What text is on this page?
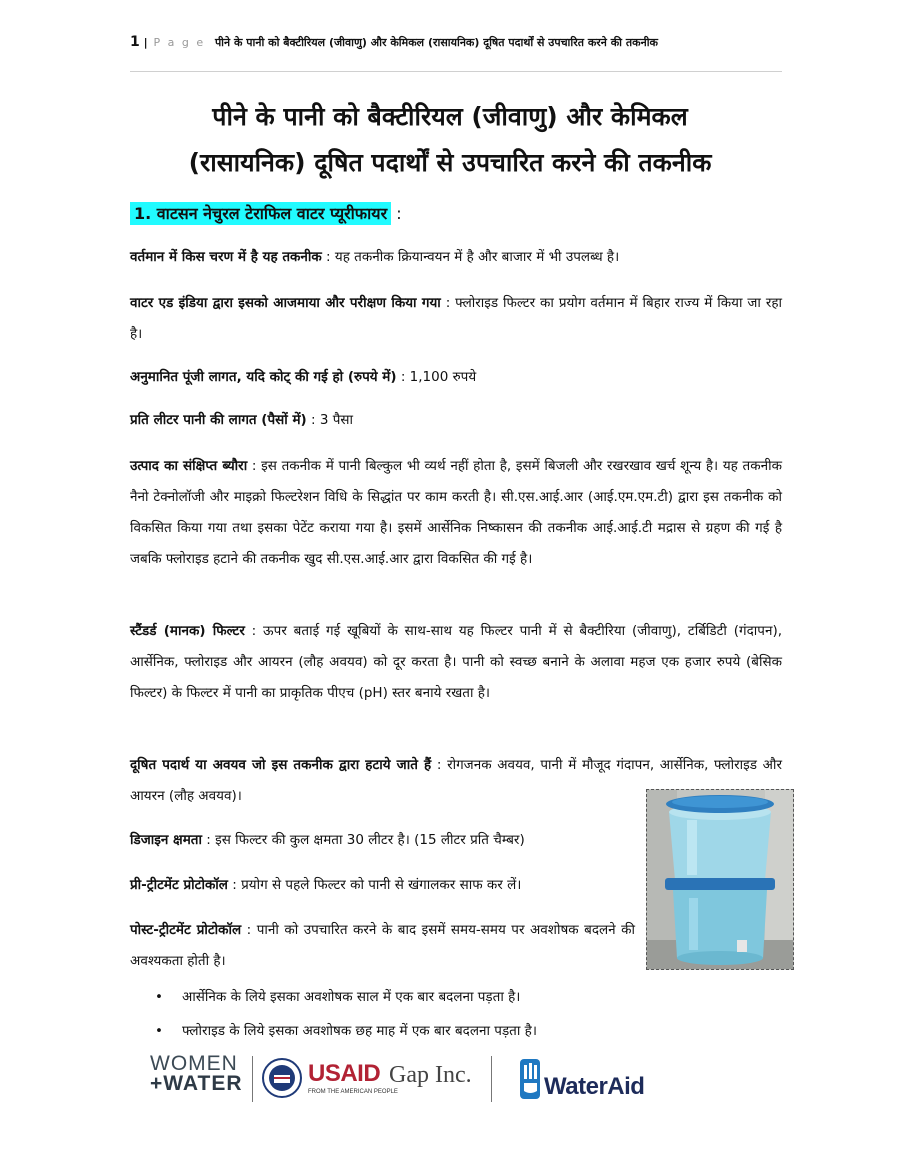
1 | P a g e पीने के पानी को बैक्टीरियल (जीवाणु) और केमिकल (रासायनिक) दूषित पदार्थों से उपचारित करने की तकनीक
पीने के पानी को बैक्टीरियल (जीवाणु) और केमिकल
(रासायनिक) दूषित पदार्थों से उपचारित करने की तकनीक
1. वाटसन नेचुरल टेराफिल वाटर प्यूरीफायर :
वर्तमान में किस चरण में है यह तकनीक : यह तकनीक क्रियान्वयन में है और बाजार में भी उपलब्ध है।
वाटर एड इंडिया द्वारा इसको आजमाया और परीक्षण किया गया : फ्लोराइड फिल्टर का प्रयोग वर्तमान में बिहार राज्य में किया जा रहा है।
अनुमानित पूंजी लागत, यदि कोट् की गई हो (रुपये में) : 1,100 रुपये
प्रति लीटर पानी की लागत (पैसों में) : 3 पैसा
उत्पाद का संक्षिप्त ब्यौरा : इस तकनीक में पानी बिल्कुल भी व्यर्थ नहीं होता है, इसमें बिजली और रखरखाव खर्च शून्य है। यह तकनीक नैनो टेक्नोलॉजी और माइक्रो फिल्टरेशन विधि के सिद्धांत पर काम करती है। सी.एस.आई.आर (आई.एम.एम.टी) द्वारा इस तकनीक को विकसित किया गया तथा इसका पेटेंट कराया गया है। इसमें आर्सेनिक निष्कासन की तकनीक आई.आई.टी मद्रास से ग्रहण की गई है जबकि फ्लोराइड हटाने की तकनीक खुद सी.एस.आई.आर द्वारा विकसित की गई है।
स्टैंडर्ड (मानक) फिल्टर : ऊपर बताई गई खूबियों के साथ-साथ यह फिल्टर पानी में से बैक्टीरिया (जीवाणु), टर्बिडिटी (गंदापन), आर्सेनिक, फ्लोराइड और आयरन (लौह अवयव) को दूर करता है। पानी को स्वच्छ बनाने के अलावा महज एक हजार रुपये (बेसिक फिल्टर) के फिल्टर में पानी का प्राकृतिक पीएच (pH) स्तर बनाये रखता है।
दूषित पदार्थ या अवयव जो इस तकनीक द्वारा हटाये जाते हैं : रोगजनक अवयव, पानी में मौजूद गंदापन, आर्सेनिक, फ्लोराइड और आयरन (लौह अवयव)।
डिजाइन क्षमता : इस फिल्टर की कुल क्षमता 30 लीटर है। (15 लीटर प्रति चैम्बर)
प्री-ट्रीटमेंट प्रोटोकॉल : प्रयोग से पहले फिल्टर को पानी से खंगालकर साफ कर लें।
पोस्ट-ट्रीटमेंट प्रोटोकॉल : पानी को उपचारित करने के बाद इसमें समय-समय पर अवशोषक बदलने की अवश्यकता होती है।
• आर्सेनिक के लिये इसका अवशोषक साल में एक बार बदलना पड़ता है।
• फ्लोराइड के लिये इसका अवशोषक छह माह में एक बार बदलना पड़ता है।
WOMEN
+WATER	USAID
FROM THE AMERICAN PEOPLE
Gap Inc.	WaterAid
